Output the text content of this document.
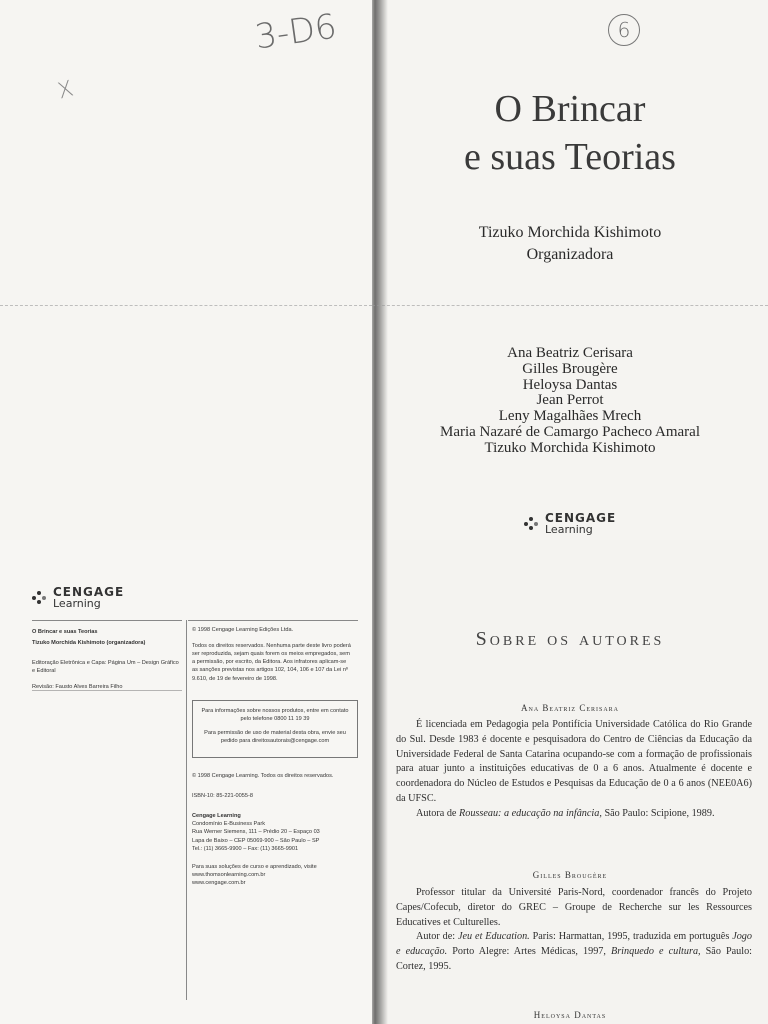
3-D6
X
6
O Brincar
e suas Teorias
Tizuko Morchida Kishimoto
Organizadora
Ana Beatriz Cerisara
Gilles Brougère
Heloysa Dantas
Jean Perrot
Leny Magalhães Mrech
Maria Nazaré de Camargo Pacheco Amaral
Tizuko Morchida Kishimoto
CENGAGE
Learning
CENGAGE
Learning
O Brincar e suas Teorias
Tizuko Morchida Kishimoto (organizadora)
Editoração Eletrônica e Capa: Página Um – Design Gráfico e Editoral
Revisão: Fausto Alves Barreira Filho
© 1998 Cengage Learning Edições Ltda.
Todos os direitos reservados. Nenhuma parte deste livro poderá ser reproduzida, sejam quais forem os meios empregados, sem a permissão, por escrito, da Editora. Aos infratores aplicam-se as sanções previstas nos artigos 102, 104, 106 e 107 da Lei nº 9.610, de 19 de fevereiro de 1998.
Para informações sobre nossos produtos, entre em contato pelo telefone 0800 11 19 39
Para permissão de uso de material desta obra, envie seu pedido para direitosautorais@cengage.com
© 1998 Cengage Learning. Todos os direitos reservados.
ISBN-10: 85-221-0055-8
Cengage Learning
Condomínio E-Business Park
Rua Werner Siemens, 111 – Prédio 20 – Espaço 03
Lapa de Baixo – CEP 05069-900 – São Paulo – SP
Tel.: (11) 3665-9900 – Fax: (11) 3665-9901
Para suas soluções de curso e aprendizado, visite
www.thomsonlearning.com.br
www.cengage.com.br
Sobre os autores
Ana Beatriz Cerisara

É licenciada em Pedagogia pela Pontifícia Universidade Católica do Rio Grande do Sul. Desde 1983 é docente e pesquisadora do Centro de Ciências da Educação da Universidade Federal de Santa Catarina ocupando-se com a formação de profissionais para atuar junto a instituições educativas de 0 a 6 anos. Atualmente é docente e coordenadora do Núcleo de Estudos e Pesquisas da Educação de 0 a 6 anos (NEE0A6) da UFSC.

Autora de Rousseau: a educação na infância, São Paulo: Scipione, 1989.

Gilles Brougère

Professor titular da Université Paris-Nord, coordenador francês do Projeto Capes/Cofecub, diretor do GREC – Groupe de Recherche sur les Ressources Educatives et Culturelles.

Autor de: Jeu et Education. Paris: Harmattan, 1995, traduzida em português Jogo e educação. Porto Alegre: Artes Médicas, 1997, Brinquedo e cultura, São Paulo: Cortez, 1995.

Heloysa Dantas
